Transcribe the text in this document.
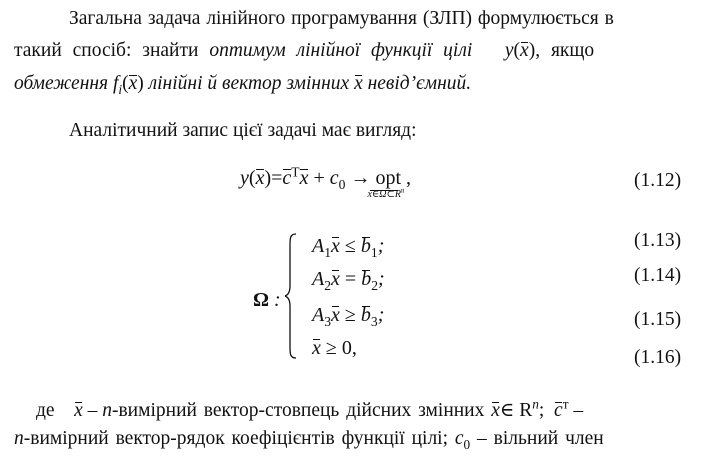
Загальна задача лінійного програмування (ЗЛП) формулюється в
такий спосіб: знайти оптимум лінійної функції цілі y(x), якщо
обмеження $f_i(x)$ лінійні й вектор змінних x невід’ємний.
Аналітичний запис цієї задачі має вигляд:
$y(x)=c^Tx + c_0$ → opt
$x\in\Omega\subset R^n$
,	(1.12)
Ω :
$A_1x \le b_1$;	(1.13)
$A_2x = b_2$;	(1.14)
$A_3x \ge b_3$;	(1.15)
x ≥ 0,	(1.16)
де x – n-вимірний вектор-стовпець дійсних змінних x∈ $R^n$;  $c^т$ –
n-вимірний вектор-рядок коефіцієнтів функції цілі; $c_0$ – вільний член
